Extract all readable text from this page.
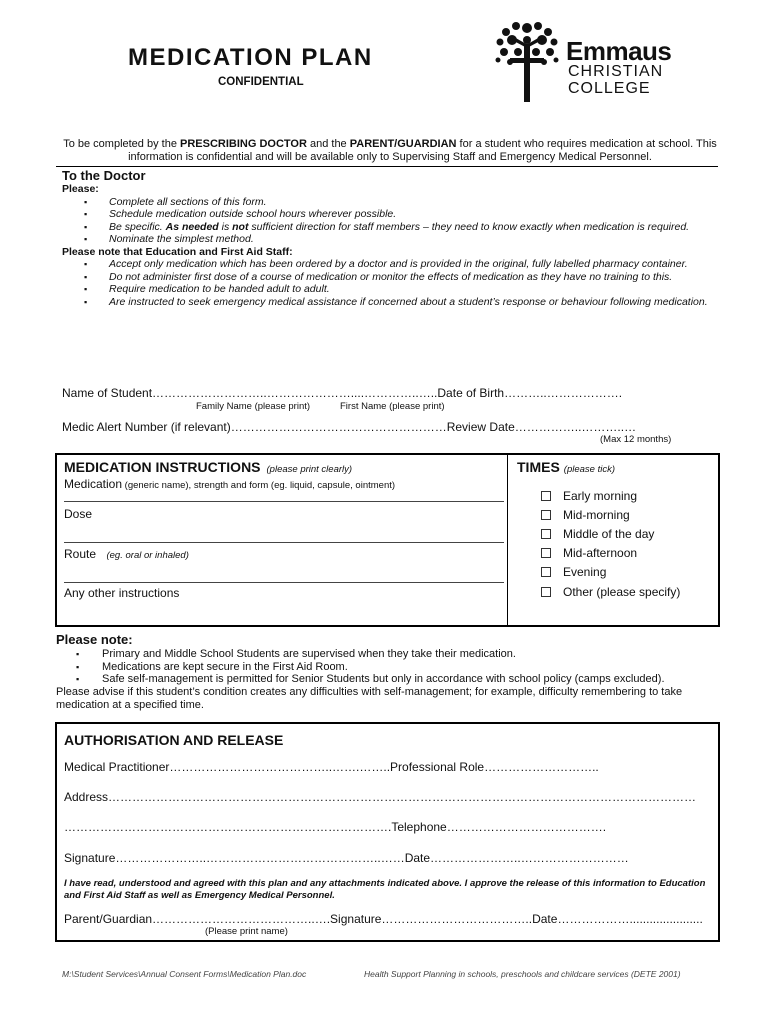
MEDICATION PLAN
CONFIDENTIAL
Emmaus
CHRISTIAN
COLLEGE

To be completed by the PRESCRIBING DOCTOR and the PARENT/GUARDIAN for a student who requires medication at school. This information is confidential and will be available only to Supervising Staff and Emergency Medical Personnel.

To the Doctor
Please:
▪ Complete all sections of this form.
▪ Schedule medication outside school hours wherever possible.
▪ Be specific. As needed is not sufficient direction for staff members – they need to know exactly when medication is required.
▪ Nominate the simplest method.
Please note that Education and First Aid Staff:
▪ Accept only medication which has been ordered by a doctor and is provided in the original, fully labelled pharmacy container.
▪ Do not administer first dose of a course of medication or monitor the effects of medication as they have no training to this.
▪ Require medication to be handed adult to adult.
▪ Are instructed to seek emergency medical assistance if concerned about a student’s response or behaviour following medication.
Name of Student………………………..…………………....…………..…..Date of Birth………..……………….
Family Name (please print)	First Name (please print)
Medic Alert Number (if relevant)………………………………………………Review Date……………..………..…
(Max 12 months)
MEDICATION INSTRUCTIONS (please print clearly)
Medication (generic name), strength and form (eg. liquid, capsule, ointment)
Dose
Route (eg. oral or inhaled)
Any other instructions
TIMES (please tick)
Early morning
Mid-morning
Middle of the day
Mid-afternoon
Evening
Other (please specify)
Please note:
▪ Primary and Middle School Students are supervised when they take their medication.
▪ Medications are kept secure in the First Aid Room.
▪ Safe self-management is permitted for Senior Students but only in accordance with school policy (camps excluded).
Please advise if this student’s condition creates any difficulties with self-management; for example, difficulty remembering to take medication at a specified time.
AUTHORISATION AND RELEASE
Medical Practitioner…………………………………..…….……..Professional Role………………………..
Address…………………………………………………………………………………………………………………………………
……………………………………………………………………….Telephone………………………………….
Signature…………………..……………………………………..……Date…………………..………………………
I have read, understood and agreed with this plan and any attachments indicated above. I approve the release of this information to Education and First Aid Staff as well as Emergency Medical Personnel.
Parent/Guardian…………………………………..….Signature………………………………..Date………………......................
(Please print name)
M:\Student Services\Annual Consent Forms\Medication Plan.doc	Health Support Planning in schools, preschools and childcare services (DETE 2001)
